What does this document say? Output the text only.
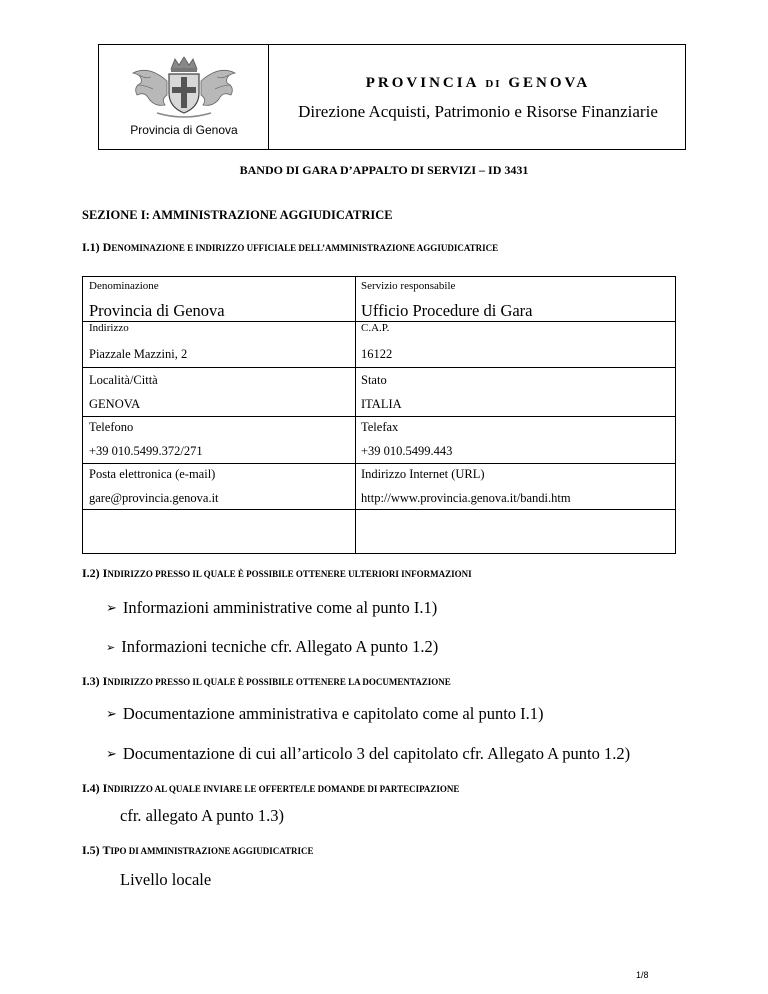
Provincia di Genova
PROVINCIA DI GENOVA
Direzione Acquisti, Patrimonio e Risorse Finanziarie
BANDO DI GARA D’APPALTO DI SERVIZI – ID 3431
SEZIONE I: AMMINISTRAZIONE AGGIUDICATRICE
I.1) DENOMINAZIONE E INDIRIZZO UFFICIALE DELL’AMMINISTRAZIONE AGGIUDICATRICE
Denominazione
Provincia di Genova
Servizio responsabile
Ufficio Procedure di Gara
Indirizzo
Piazzale Mazzini, 2
C.A.P.
16122
Località/Città
GENOVA
Stato
ITALIA
Telefono
+39 010.5499.372/271
Telefax
+39 010.5499.443
Posta elettronica (e-mail)
gare@provincia.genova.it
Indirizzo Internet (URL)
http://www.provincia.genova.it/bandi.htm
I.2) INDIRIZZO PRESSO IL QUALE È POSSIBILE OTTENERE ULTERIORI INFORMAZIONI
➢ Informazioni amministrative come al punto I.1)
➢ Informazioni tecniche cfr. Allegato A punto 1.2)
I.3) INDIRIZZO PRESSO IL QUALE È POSSIBILE OTTENERE LA DOCUMENTAZIONE
➢ Documentazione amministrativa e capitolato come al punto I.1)
➢ Documentazione di cui all’articolo 3 del capitolato cfr. Allegato A punto 1.2)
I.4) INDIRIZZO AL QUALE INVIARE LE OFFERTE/LE DOMANDE DI PARTECIPAZIONE
cfr. allegato A punto 1.3)
I.5) TIPO DI AMMINISTRAZIONE AGGIUDICATRICE
Livello locale
1/8
